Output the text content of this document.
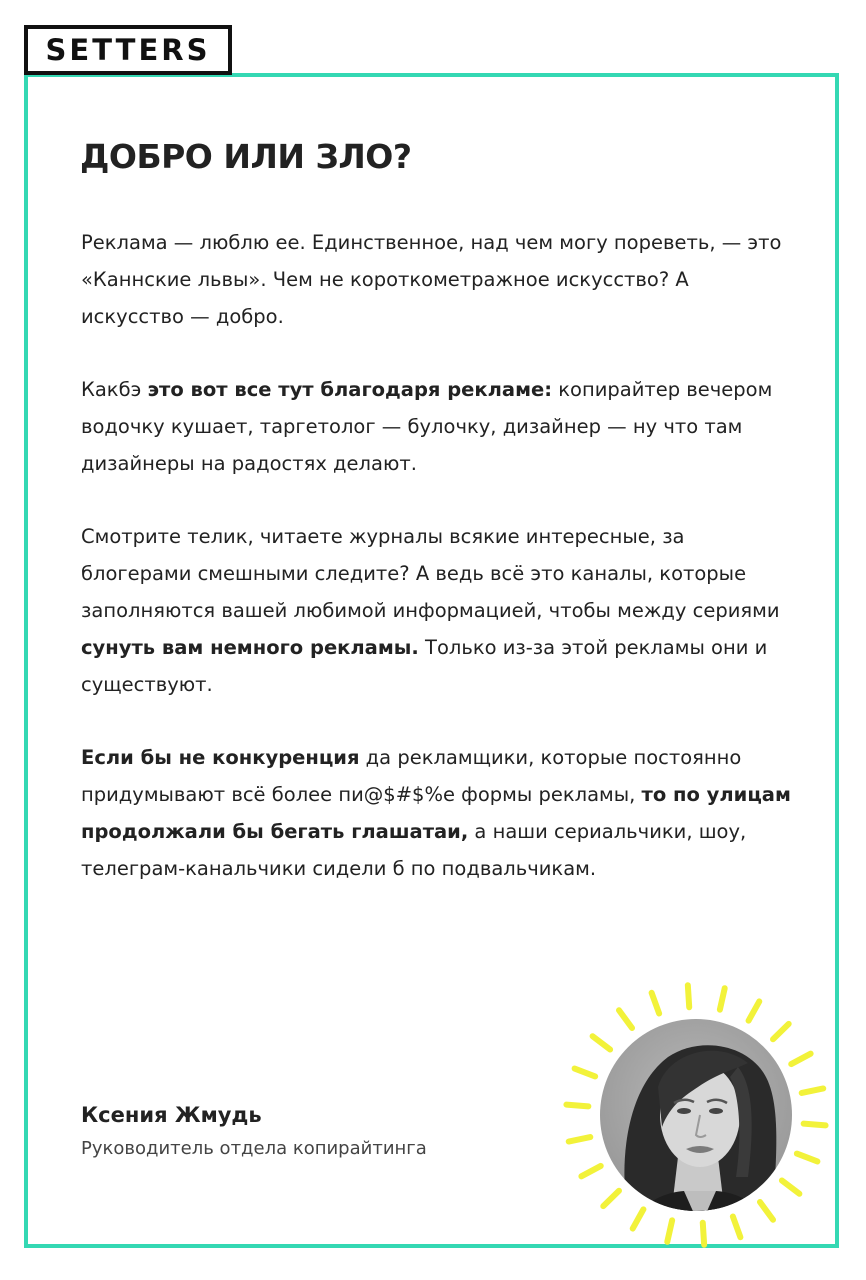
SETTERS
ДОБРО ИЛИ ЗЛО?

Реклама — люблю ее. Единственное, над чем могу пореветь, — это «Каннские львы». Чем не короткометражное искусство? А искусство — добро.

Какбэ это вот все тут благодаря рекламе: копирайтер вечером водочку кушает, таргетолог — булочку, дизайнер — ну что там дизайнеры на радостях делают.

Смотрите телик, читаете журналы всякие интересные, за блогерами смешными следите? А ведь всё это каналы, которые заполняются вашей любимой информацией, чтобы между сериями сунуть вам немного рекламы. Только из-за этой рекламы они и существуют.

Если бы не конкуренция да рекламщики, которые постоянно придумывают всё более пи@$#$%е формы рекламы, то по улицам продолжали бы бегать глашатаи, а наши сериальчики, шоу, телеграм-канальчики сидели б по подвальчикам.

Ксения Жмудь
Руководитель отдела копирайтинга
